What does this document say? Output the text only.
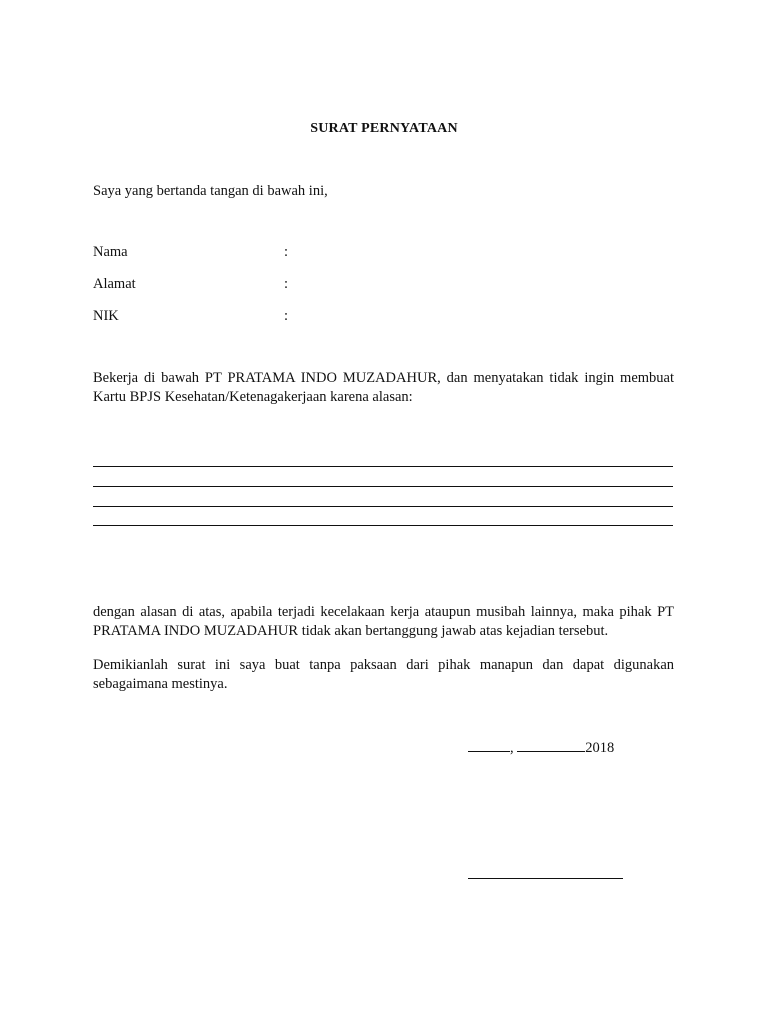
SURAT PERNYATAAN
Saya yang bertanda tangan di bawah ini,
Nama	:
Alamat	:
NIK	:
Bekerja di bawah PT PRATAMA INDO MUZADAHUR, dan menyatakan tidak ingin membuat Kartu BPJS Kesehatan/Ketenagakerjaan karena alasan:
dengan alasan di atas, apabila terjadi kecelakaan kerja ataupun musibah lainnya, maka pihak PT PRATAMA INDO MUZADAHUR tidak akan bertanggung jawab atas kejadian tersebut.
Demikianlah surat ini saya buat tanpa paksaan dari pihak manapun dan dapat digunakan sebagaimana mestinya.
,	2018
